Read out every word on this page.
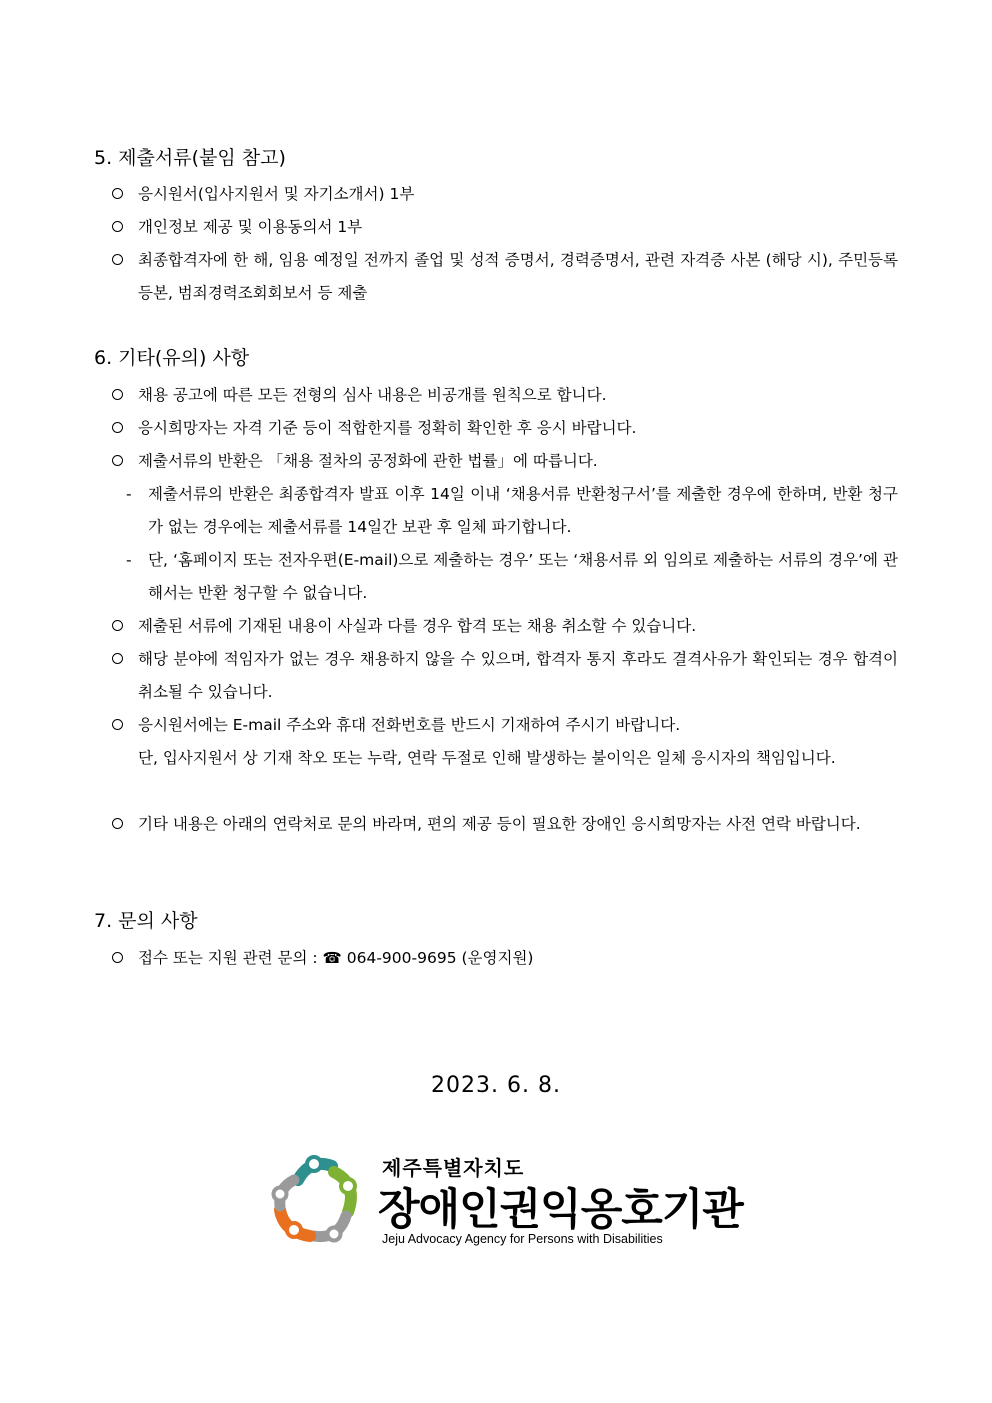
5. 제출서류(붙임 참고)
응시원서(입사지원서 및 자기소개서) 1부
개인정보 제공 및 이용동의서 1부
최종합격자에 한 해, 임용 예정일 전까지 졸업 및 성적 증명서, 경력증명서, 관련 자격증 사본 (해당 시), 주민등록등본, 범죄경력조회회보서 등 제출
6. 기타(유의) 사항
채용 공고에 따른 모든 전형의 심사 내용은 비공개를 원칙으로 합니다.
응시희망자는 자격 기준 등이 적합한지를 정확히 확인한 후 응시 바랍니다.
제출서류의 반환은 「채용 절차의 공정화에 관한 법률」에 따릅니다.
- 제출서류의 반환은 최종합격자 발표 이후 14일 이내 ‘채용서류 반환청구서’를 제출한 경우에 한하며, 반환 청구가 없는 경우에는 제출서류를 14일간 보관 후 일체 파기합니다.
- 단, ‘홈페이지 또는 전자우편(E-mail)으로 제출하는 경우’ 또는 ‘채용서류 외 임의로 제출하는 서류의 경우’에 관해서는 반환 청구할 수 없습니다.
제출된 서류에 기재된 내용이 사실과 다를 경우 합격 또는 채용 취소할 수 있습니다.
해당 분야에 적임자가 없는 경우 채용하지 않을 수 있으며, 합격자 통지 후라도 결격사유가 확인되는 경우 합격이 취소될 수 있습니다.
응시원서에는 E-mail 주소와 휴대 전화번호를 반드시 기재하여 주시기 바랍니다.
단, 입사지원서 상 기재 착오 또는 누락, 연락 두절로 인해 발생하는 불이익은 일체 응시자의 책임입니다.
기타 내용은 아래의 연락처로 문의 바라며, 편의 제공 등이 필요한 장애인 응시희망자는 사전 연락 바랍니다.
7. 문의 사항
접수 또는 지원 관련 문의 : ☎ 064-900-9695 (운영지원)
2023. 6. 8.
제주특별자치도
장애인권익옹호기관
Jeju Advocacy Agency for Persons with Disabilities
